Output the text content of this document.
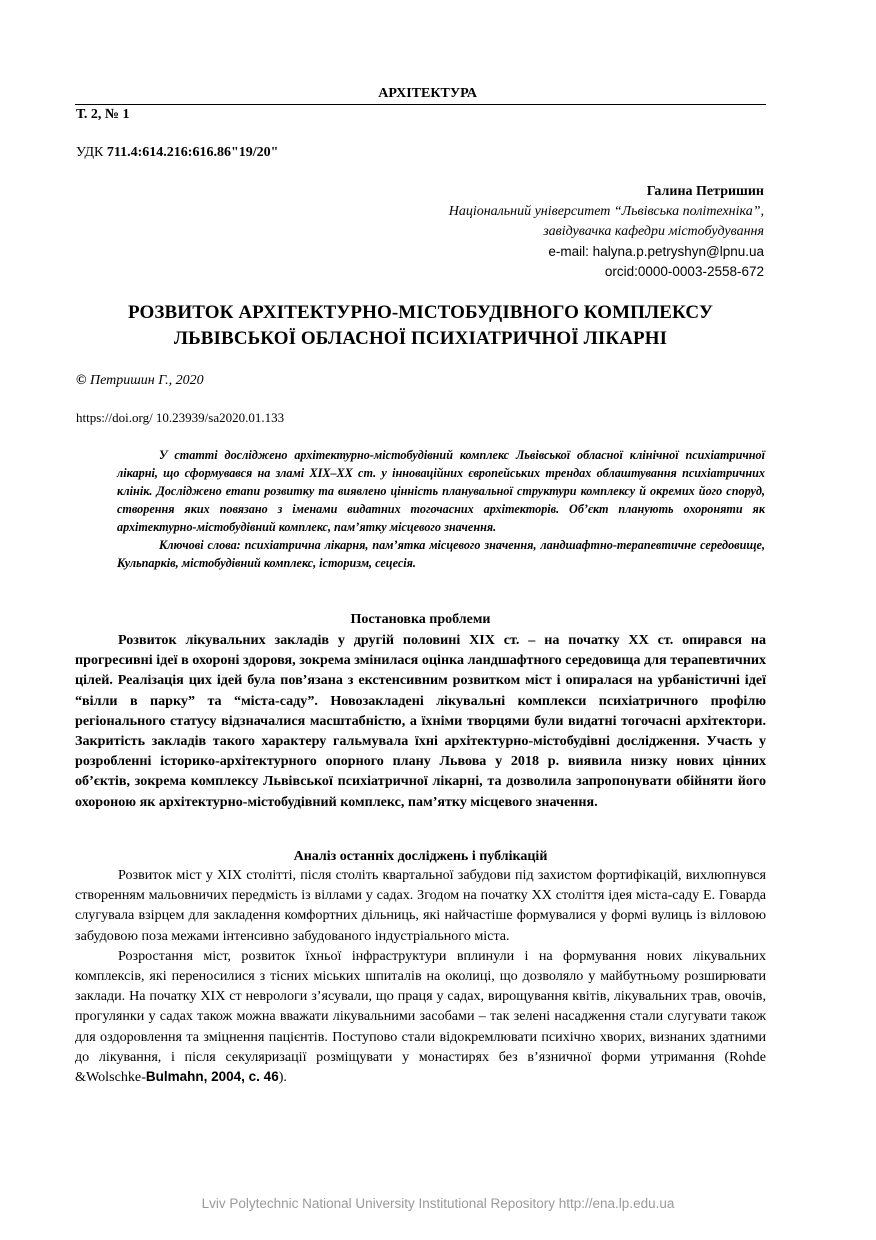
АРХІТЕКТУРА
Т. 2, № 1
УДК 711.4:614.216:616.86"19/20"
Галина Петришин
Національний університет “Львівська політехніка”,
завідувачка кафедри містобудування
e-mail: halyna.p.petryshyn@lpnu.ua
orcid:0000-0003-2558-672
РОЗВИТОК АРХІТЕКТУРНО-МІСТОБУДІВНОГО КОМПЛЕКСУ
ЛЬВІВСЬКОЇ ОБЛАСНОЇ ПСИХІАТРИЧНОЇ ЛІКАРНІ
© Петришин Г., 2020
https://doi.org/ 10.23939/sa2020.01.133

У статті досліджено архітектурно-містобудівний комплекс Львівської обласної клінічної психіатричної лікарні, що сформувався на зламі XIX–XX ст. у інноваційних європейських трендах облаштування психіатричних клінік. Досліджено етапи розвитку та виявлено цінність планувальної структури комплексу й окремих його споруд, створення яких повязано з іменами видатних тогочасних архітекторів. Об’єкт планують охороняти як архітектурно-містобудівний комплекс, пам’ятку місцевого значення.

Ключові слова: психіатрична лікарня, пам’ятка місцевого значення, ландшафтно-терапевтичне середовище, Кульпарків, містобудівний комплекс, історизм, сецесія.

Постановка проблеми

Розвиток лікувальних закладів у другій половині XIX ст. – на початку XX ст. опирався на прогресивні ідеї в охороні здоровя, зокрема змінилася оцінка ландшафтного середовища для терапевтичних цілей. Реалізація цих ідей була пов’язана з екстенсивним розвитком міст і опиралася на урбаністичні ідеї “вілли в парку” та “міста-саду”. Новозакладені лікувальні комплекси психіатричного профілю регіонального статусу відзначалися масштабністю, а їхніми творцями були видатні тогочасні архітектори. Закритість закладів такого характеру гальмувала їхні архітектурно-містобудівні дослідження. Участь у розробленні історико-архітектурного опорного плану Львова у 2018 р. виявила низку нових цінних об’єктів, зокрема комплексу Львівської психіатричної лікарні, та дозволила запропонувати обійняти його охороною як архітектурно-містобудівний комплекс, пам’ятку місцевого значення.

Аналіз останніх досліджень і публікацій

Розвиток міст у XIX столітті, після століть квартальної забудови під захистом фортифікацій, вихлюпнувся створенням мальовничих передмість із віллами у садах. Згодом на початку XX століття ідея міста-саду Е. Говарда слугувала взірцем для закладення комфортних дільниць, які найчастіше формувалися у формі вулиць із вілловою забудовою поза межами інтенсивно забудованого індустріального міста.

Розростання міст, розвиток їхньої інфраструктури вплинули і на формування нових лікувальних комплексів, які переносилися з тісних міських шпиталів на околиці, що дозволяло у майбутньому розширювати заклади. На початку XIX ст неврологи з’ясували, що праця у садах, вирощування квітів, лікувальних трав, овочів, прогулянки у садах також можна вважати лікувальними засобами – так зелені насадження стали слугувати також для оздоровлення та зміцнення пацієнтів. Поступово стали відокремлювати психічно хворих, визнаних здатними до лікування, і після секуляризації розміщувати у монастирях без в’язничної форми утримання (Rohde &Wolschke-Bulmahn, 2004, с. 46).

Lviv Polytechnic National University Institutional Repository http://ena.lp.edu.ua
